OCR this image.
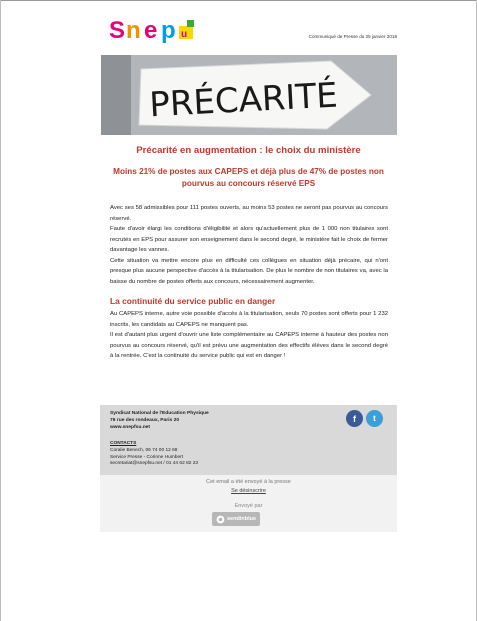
S n e p u	Communiqué de Presse du 25 janvier 2018
PRÉCARITÉ
Précarité en augmentation : le choix du ministère
Moins 21% de postes aux CAPEPS et déjà plus de 47% de postes non pourvus au concours réservé EPS

Avec ses 58 admissibles pour 111 postes ouverts, au moins 53 postes ne seront pas pourvus au concours réservé.

Faute d'avoir élargi les conditions d'éligibilité et alors qu'actuellement plus de 1 000 non titulaires sont recrutés en EPS pour assurer son enseignement dans le second degré, le ministère fait le choix de fermer davantage les vannes.

Cette situation va mettre encore plus en difficulté ces collègues en situation déjà précaire, qui n'ont presque plus aucune perspective d'accès à la titularisation. De plus le nombre de non titulaires va, avec la baisse du nombre de postes offerts aux concours, nécessairement augmenter.

La continuité du service public en danger

Au CAPEPS interne, autre voie possible d'accès à la titularisation, seuls 70 postes sont offerts pour 1 232 inscrits, les candidats au CAPEPS ne manquent pas.

Il est d'autant plus urgent d'ouvrir une liste complémentaire au CAPEPS interne à hauteur des postes non pourvus au concours réservé, qu'il est prévu une augmentation des effectifs élèves dans le second degré à la rentrée. C'est la continuité du service public qui est en danger !

Syndicat National de l'Education Physique
76 rue des rondeaux, Paris 20
www.snepfsu.net
f	t
CONTACTS
Coralie Benech, 06 74 00 12 68
Service Presse - Corinne Humbert
secretariat@snepfsu.net / 01 44 62 82 23
Cet email a été envoyé à la presse
Se désinscrire
Envoyé par
sendinblue
